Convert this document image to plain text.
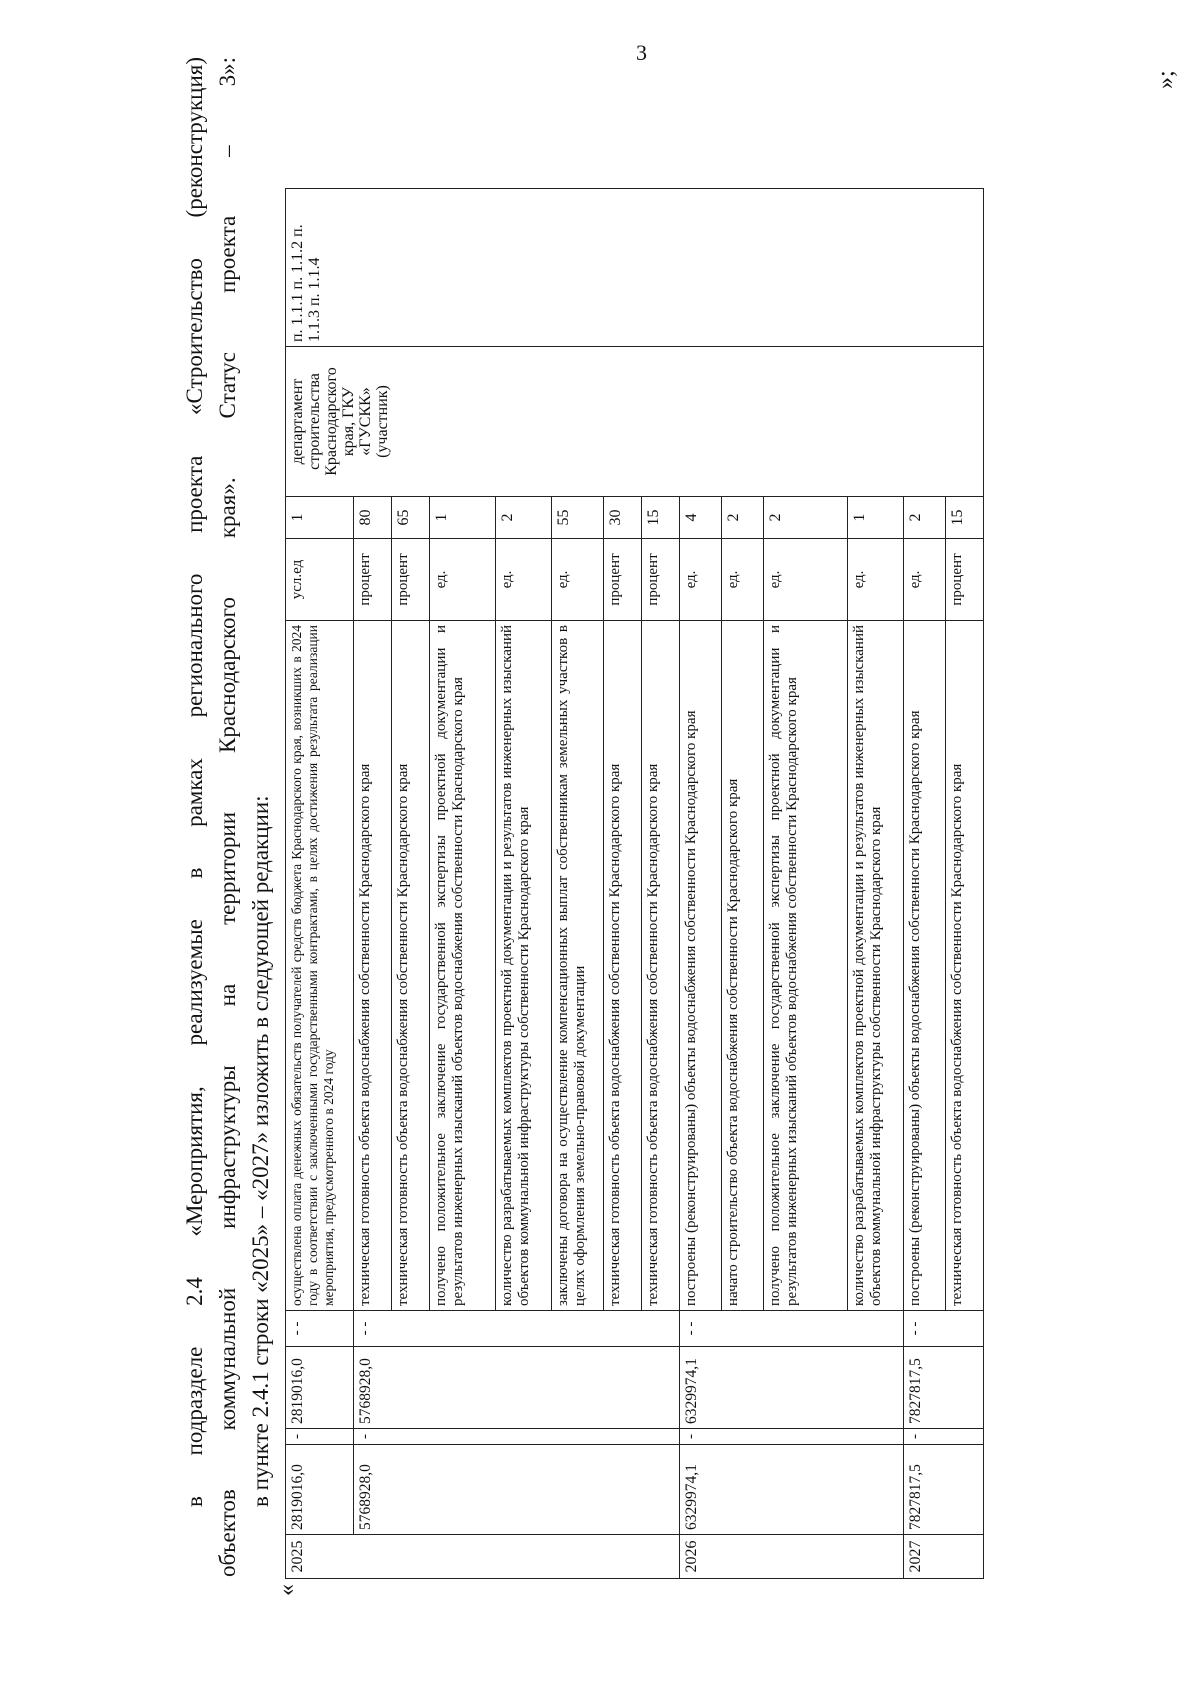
3

в подразделе 2.4 «Мероприятия, реализуемые в рамках регионального проекта «Строительство (реконструкция) объектов коммунальной инфраструктуры на территории Краснодарского края». Статус проекта – 3»: в пункте 2.4.1 строки «2025» – «2027» изложить в следующей редакции:

«
2025	2819016,0	-	2819016,0	- -	осуществлена оплата денежных обязательств получателей средств бюджета Краснодарского края, возникших в 2024 году в соответствии с заключенными государственными контрактами, в целях достижения результата реализации мероприятия, предусмотренного в 2024 году	усл.ед	1	департамент строительства Краснодарского края, ГКУ «ГУСКК» (участник)	п. 1.1.1 п. 1.1.2 п. 1.1.3 п. 1.1.4
	5768928,0	-	5768928,0	- -	техническая готовность объекта водоснабжения собственности Краснодарского края	процент	80		
					техническая готовность объекта водоснабжения собственности Краснодарского края	процент	65		
					получено положительное заключение государственной экспертизы проектной документации и результатов инженерных изысканий объектов водоснабжения собственности Краснодарского края	ед.	1		
					количество разрабатываемых комплектов проектной документации и результатов инженерных изысканий объектов коммунальной инфраструктуры собственности Краснодарского края	ед.	2		
					заключены договора на осуществление компенсационных выплат собственникам земельных участков в целях оформления земельно-правовой документации	ед.	55		
					техническая готовность объекта водоснабжения собственности Краснодарского края	процент	30		
					техническая готовность объекта водоснабжения собственности Краснодарского края	процент	15		
2026	6329974,1	-	6329974,1	- -	построены (реконструированы) объекты водоснабжения собственности Краснодарского края	ед.	4		
					начато строительство объекта водоснабжения собственности Краснодарского края	ед.	2		
					получено положительное заключение государственной экспертизы проектной документации и результатов инженерных изысканий объектов водоснабжения собственности Краснодарского края	ед.	2		
					количество разрабатываемых комплектов проектной документации и результатов инженерных изысканий объектов коммунальной инфраструктуры собственности Краснодарского края	ед.	1		
2027	7827817,5	-	7827817,5	- -	построены (реконструированы) объекты водоснабжения собственности Краснодарского края	ед.	2		
					техническая готовность объекта водоснабжения собственности Краснодарского края	процент	15		
»;
